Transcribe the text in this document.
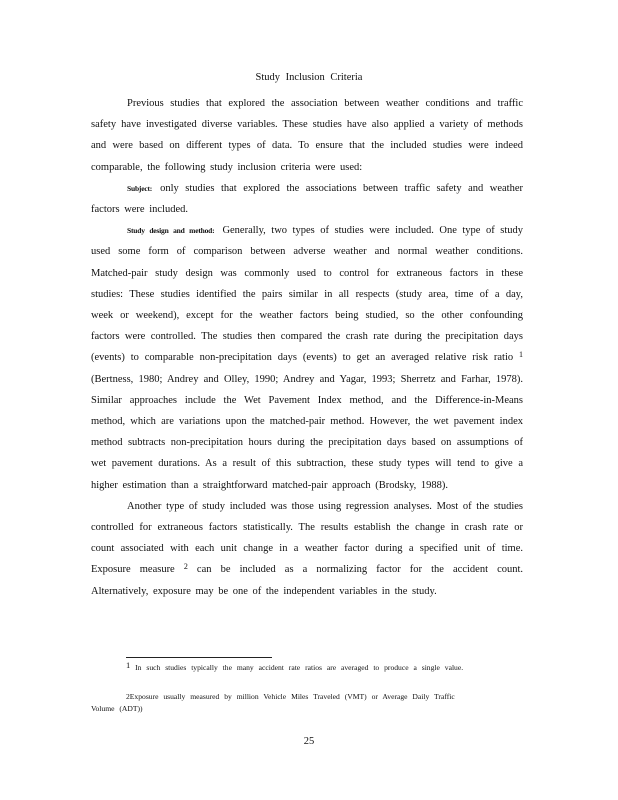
Study Inclusion Criteria

Previous studies that explored the association between weather conditions and traffic safety have investigated diverse variables. These studies have also applied a variety of methods and were based on different types of data. To ensure that the included studies were indeed comparable, the following study inclusion criteria were used:

Subject: only studies that explored the associations between traffic safety and weather factors were included.

Study design and method: Generally, two types of studies were included. One type of study used some form of comparison between adverse weather and normal weather conditions. Matched-pair study design was commonly used to control for extraneous factors in these studies: These studies identified the pairs similar in all respects (study area, time of a day, week or weekend), except for the weather factors being studied, so the other confounding factors were controlled. The studies then compared the crash rate during the precipitation days (events) to comparable non-precipitation days (events) to get an averaged relative risk ratio $^1$ (Bertness, 1980; Andrey and Olley, 1990; Andrey and Yagar, 1993; Sherretz and Farhar, 1978). Similar approaches include the Wet Pavement Index method, and the Difference-in-Means method, which are variations upon the matched-pair method. However, the wet pavement index method subtracts non-precipitation hours during the precipitation days based on assumptions of wet pavement durations. As a result of this subtraction, these study types will tend to give a higher estimation than a straightforward matched-pair approach (Brodsky, 1988).

Another type of study included was those using regression analyses. Most of the studies controlled for extraneous factors statistically. The results establish the change in crash rate or count associated with each unit change in a weather factor during a specified unit of time. Exposure measure $^2$ can be included as a normalizing factor for the accident count. Alternatively, exposure may be one of the independent variables in the study.

$^1$ In such studies typically the many accident rate ratios are averaged to produce a single value.
2Exposure usually measured by million Vehicle Miles Traveled (VMT) or Average Daily Traffic
Volume (ADT))
25
